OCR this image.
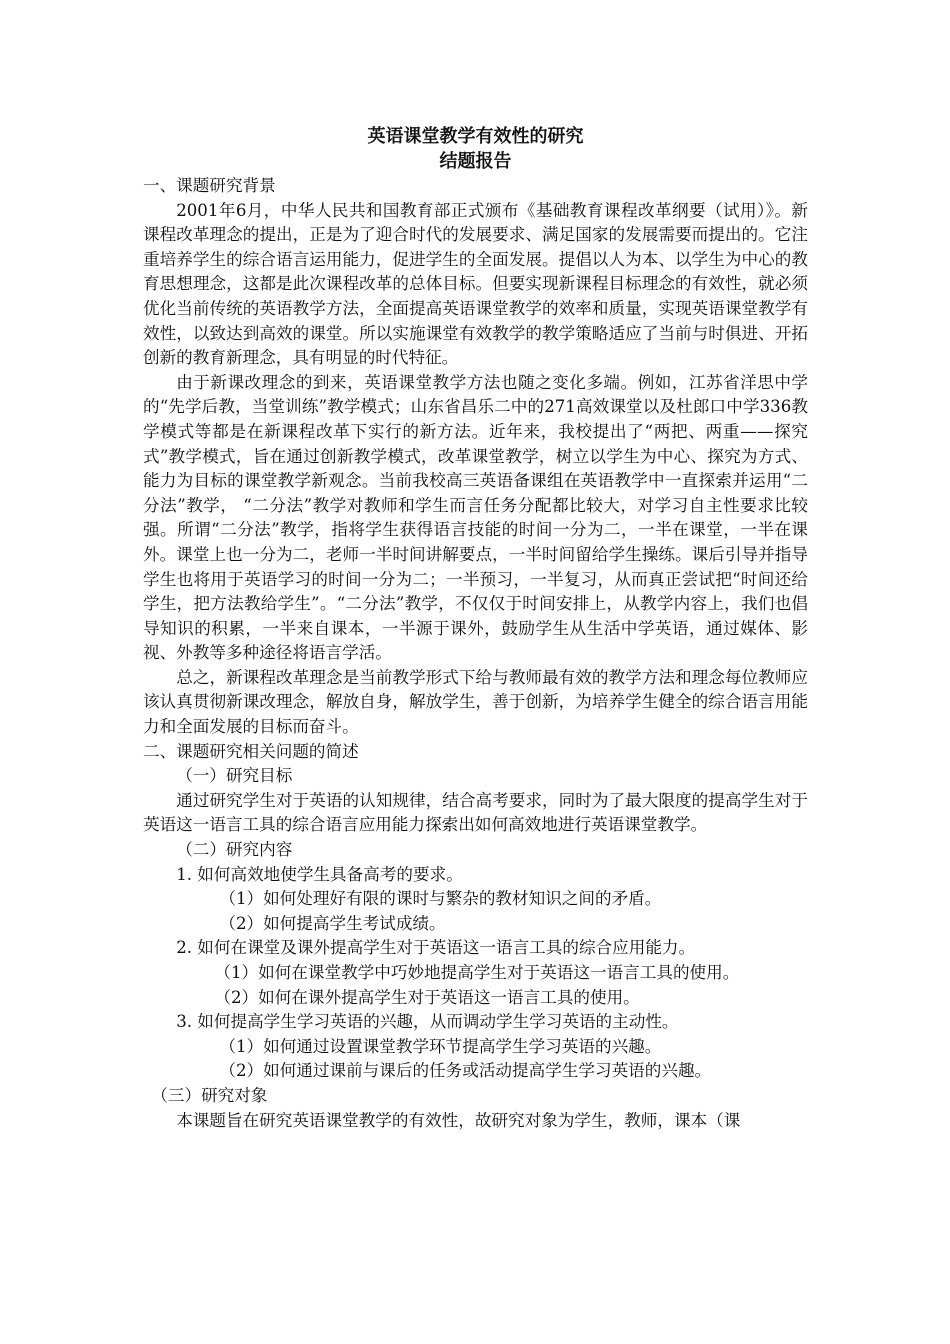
英语课堂教学有效性的研究

结题报告

一、课题研究背景

2001年6月，中华人民共和国教育部正式颁布《基础教育课程改革纲要（试用）》。新课程改革理念的提出，正是为了迎合时代的发展要求、满足国家的发展需要而提出的。它注重培养学生的综合语言运用能力，促进学生的全面发展。提倡以人为本、以学生为中心的教育思想理念，这都是此次课程改革的总体目标。但要实现新课程目标理念的有效性，就必须优化当前传统的英语教学方法，全面提高英语课堂教学的效率和质量，实现英语课堂教学有效性，以致达到高效的课堂。所以实施课堂有效教学的教学策略适应了当前与时俱进、开拓创新的教育新理念，具有明显的时代特征。

由于新课改理念的到来，英语课堂教学方法也随之变化多端。例如，江苏省洋思中学的“先学后教，当堂训练”教学模式；山东省昌乐二中的271高效课堂以及杜郎口中学336教学模式等都是在新课程改革下实行的新方法。近年来，我校提出了“两把、两重——探究式”教学模式，旨在通过创新教学模式，改革课堂教学，树立以学生为中心、探究为方式、能力为目标的课堂教学新观念。当前我校高三英语备课组在英语教学中一直探索并运用“二分法”教学， “二分法”教学对教师和学生而言任务分配都比较大，对学习自主性要求比较强。所谓“二分法”教学，指将学生获得语言技能的时间一分为二，一半在课堂，一半在课外。课堂上也一分为二，老师一半时间讲解要点，一半时间留给学生操练。课后引导并指导学生也将用于英语学习的时间一分为二；一半预习，一半复习，从而真正尝试把“时间还给学生，把方法教给学生”。“二分法”教学，不仅仅于时间安排上，从教学内容上，我们也倡导知识的积累，一半来自课本，一半源于课外，鼓励学生从生活中学英语，通过媒体、影视、外教等多种途径将语言学活。

总之，新课程改革理念是当前教学形式下给与教师最有效的教学方法和理念每位教师应该认真贯彻新课改理念，解放自身，解放学生，善于创新，为培养学生健全的综合语言用能力和全面发展的目标而奋斗。

二、课题研究相关问题的简述

（一）研究目标

通过研究学生对于英语的认知规律，结合高考要求，同时为了最大限度的提高学生对于英语这一语言工具的综合语言应用能力探索出如何高效地进行英语课堂教学。

（二）研究内容

1. 如何高效地使学生具备高考的要求。

（1）如何处理好有限的课时与繁杂的教材知识之间的矛盾。

（2）如何提高学生考试成绩。

2. 如何在课堂及课外提高学生对于英语这一语言工具的综合应用能力。

（1）如何在课堂教学中巧妙地提高学生对于英语这一语言工具的使用。

（2）如何在课外提高学生对于英语这一语言工具的使用。

3. 如何提高学生学习英语的兴趣，从而调动学生学习英语的主动性。

（1）如何通过设置课堂教学环节提高学生学习英语的兴趣。

（2）如何通过课前与课后的任务或活动提高学生学习英语的兴趣。

（三）研究对象

本课题旨在研究英语课堂教学的有效性，故研究对象为学生，教师，课本（课
